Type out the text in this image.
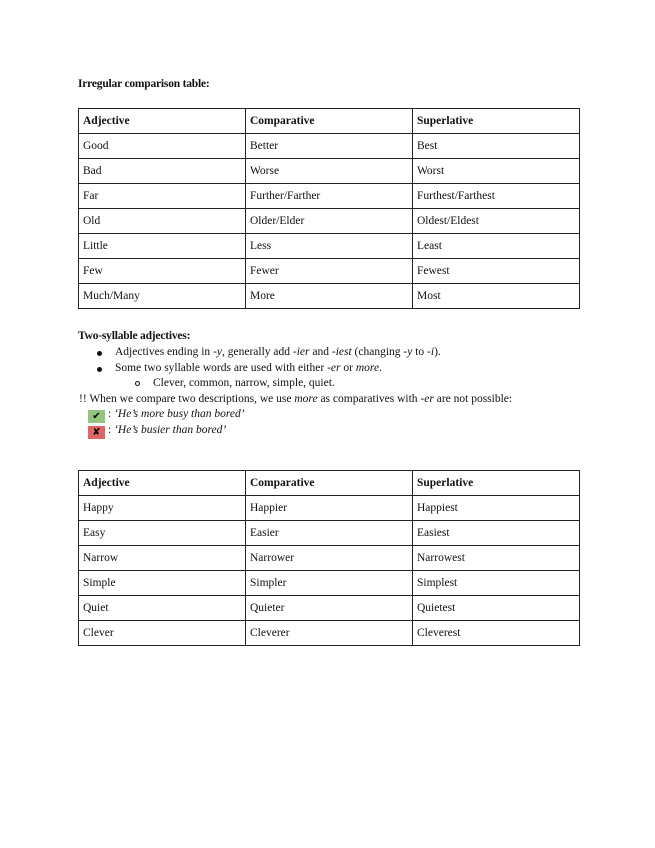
Irregular comparison table:
Adjective	Comparative	Superlative
Good	Better	Best
Bad	Worse	Worst
Far	Further/Farther	Furthest/Farthest
Old	Older/Elder	Oldest/Eldest
Little	Less	Least
Few	Fewer	Fewest
Much/Many	More	Most
Two-syllable adjectives:
Adjectives ending in -y, generally add -ier and -iest (changing -y to -i).
Some two syllable words are used with either -er or more.
Clever, common, narrow, simple, quiet.
!! When we compare two descriptions, we use more as comparatives with -er are not possible:
✔ : ‘He’s more busy than bored’
✘ : ‘He’s busier than bored’
Adjective	Comparative	Superlative
Happy	Happier	Happiest
Easy	Easier	Easiest
Narrow	Narrower	Narrowest
Simple	Simpler	Simplest
Quiet	Quieter	Quietest
Clever	Cleverer	Cleverest
